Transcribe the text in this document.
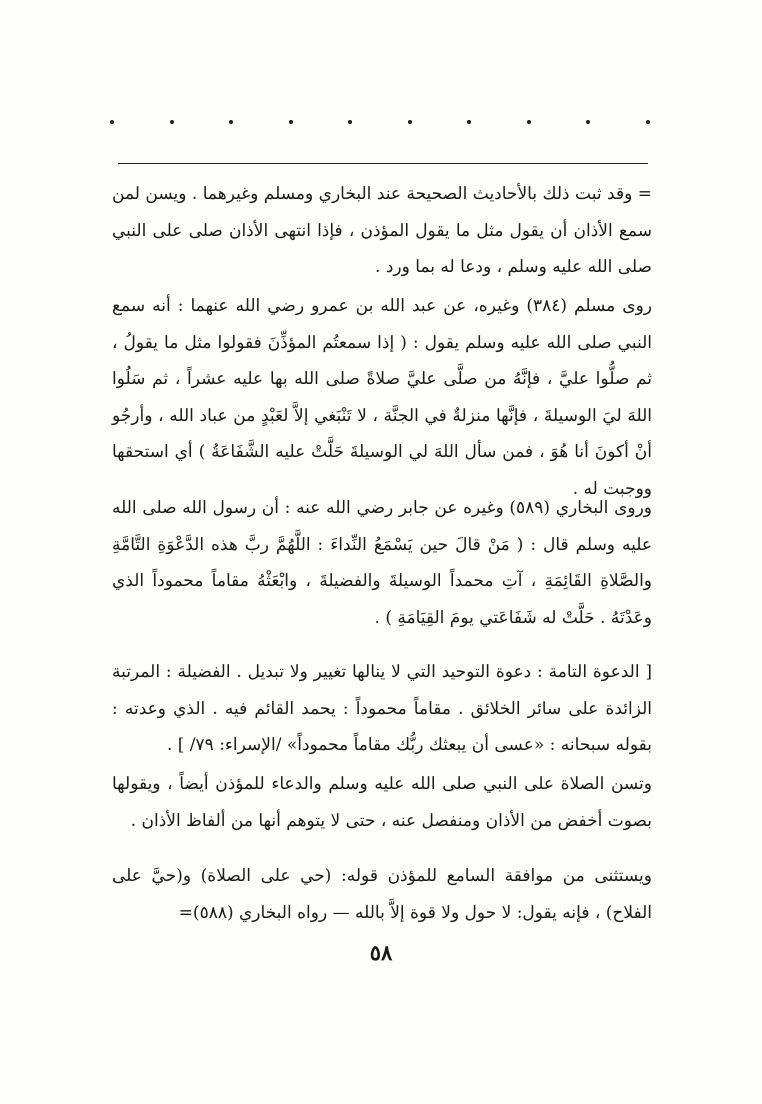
= وقد ثبت ذلك بالأحاديث الصحيحة عند البخاري ومسلم وغيرهما . ويسن لمن سمع الأذان أن يقول مثل ما يقول المؤذن ، فإذا انتهى الأذان صلى على النبي صلى الله عليه وسلم ، ودعا له بما ورد .

روى مسلم (٣٨٤) وغيره، عن عبد الله بن عمرو رضي الله عنهما : أنه سمع النبي صلى الله عليه وسلم يقول : ( إذا سمعتُم المؤذِّنَ فقولوا مثل ما يقولُ ، ثم صلُّوا عليَّ ، فإنَّهُ من صلَّى عليَّ صلاةً صلى الله بها عليه عشراً ، ثم سَلُوا اللهَ ليَ الوسيلةَ ، فإنَّها منزلةٌ في الجنَّة ، لا تَنْبَغي إلاَّ لعَبْدٍ من عباد الله ، وأرجُو أنْ أكونَ أنا هُوَ ، فمن سأل اللهَ لي الوسيلةَ حَلَّتْ عليه الشَّفَاعَةُ ) أي استحقها ووجبت له .

وروى البخاري (٥٨٩) وغيره عن جابر رضي الله عنه : أن رسول الله صلى الله عليه وسلم قال : ( مَنْ قالَ حين يَسْمَعُ النِّداءَ : اللَّهُمَّ ربَّ هذه الدَّعْوَةِ التَّامَّةِ والصَّلاةِ القَائِمَةِ ، آتِ محمداً الوسيلةَ والفضيلةَ ، وابْعَثْهُ مقاماً محموداً الذي وعَدْتَهُ . حَلَّتْ له شَفَاعَتي يومَ القِيَامَةِ ) .

[ الدعوة التامة : دعوة التوحيد التي لا ينالها تغيير ولا تبديل . الفضيلة : المرتبة الزائدة على سائر الخلائق . مقاماً محموداً : يحمد القائم فيه . الذي وعدته : بقوله سبحانه : «عسى أن يبعثك ربُّك مقاماً محموداً» /الإسراء: ٧٩/ ] .

وتسن الصلاة على النبي صلى الله عليه وسلم والدعاء للمؤذن أيضاً ، ويقولها بصوت أخفض من الأذان ومنفصل عنه ، حتى لا يتوهم أنها من ألفاظ الأذان .

ويستثنى من موافقة السامع للمؤذن قوله: (حي على الصلاة) و(حيَّ على الفلاح) ، فإنه يقول: لا حول ولا قوة إلاَّ بالله — رواه البخاري (٥٨٨)=

٥٨
